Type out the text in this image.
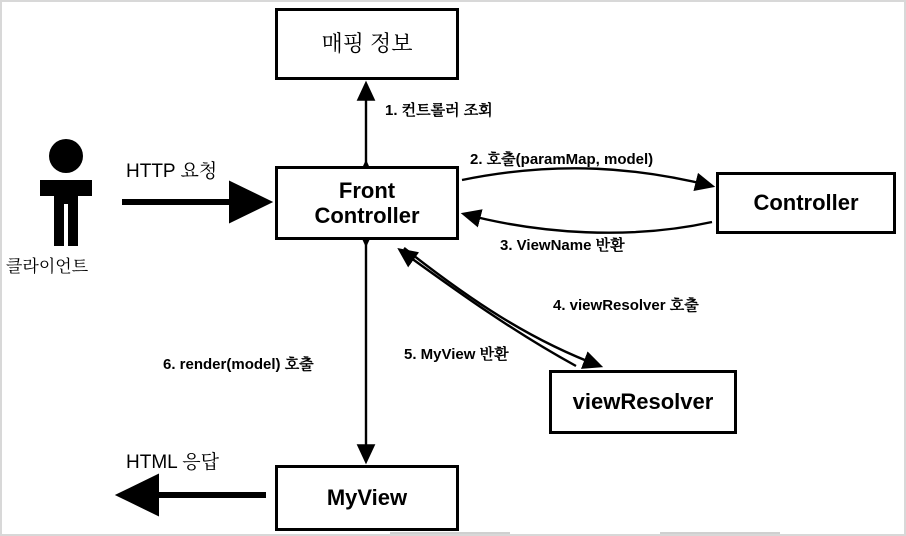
매핑 정보
Front
Controller
Controller
viewResolver
MyView
HTTP 요청
HTML 응답
클라이언트
1. 컨트롤러 조회
2. 호출(paramMap, model)
3. ViewName 반환
4. viewResolver 호출
5. MyView 반환
6. render(model) 호출
